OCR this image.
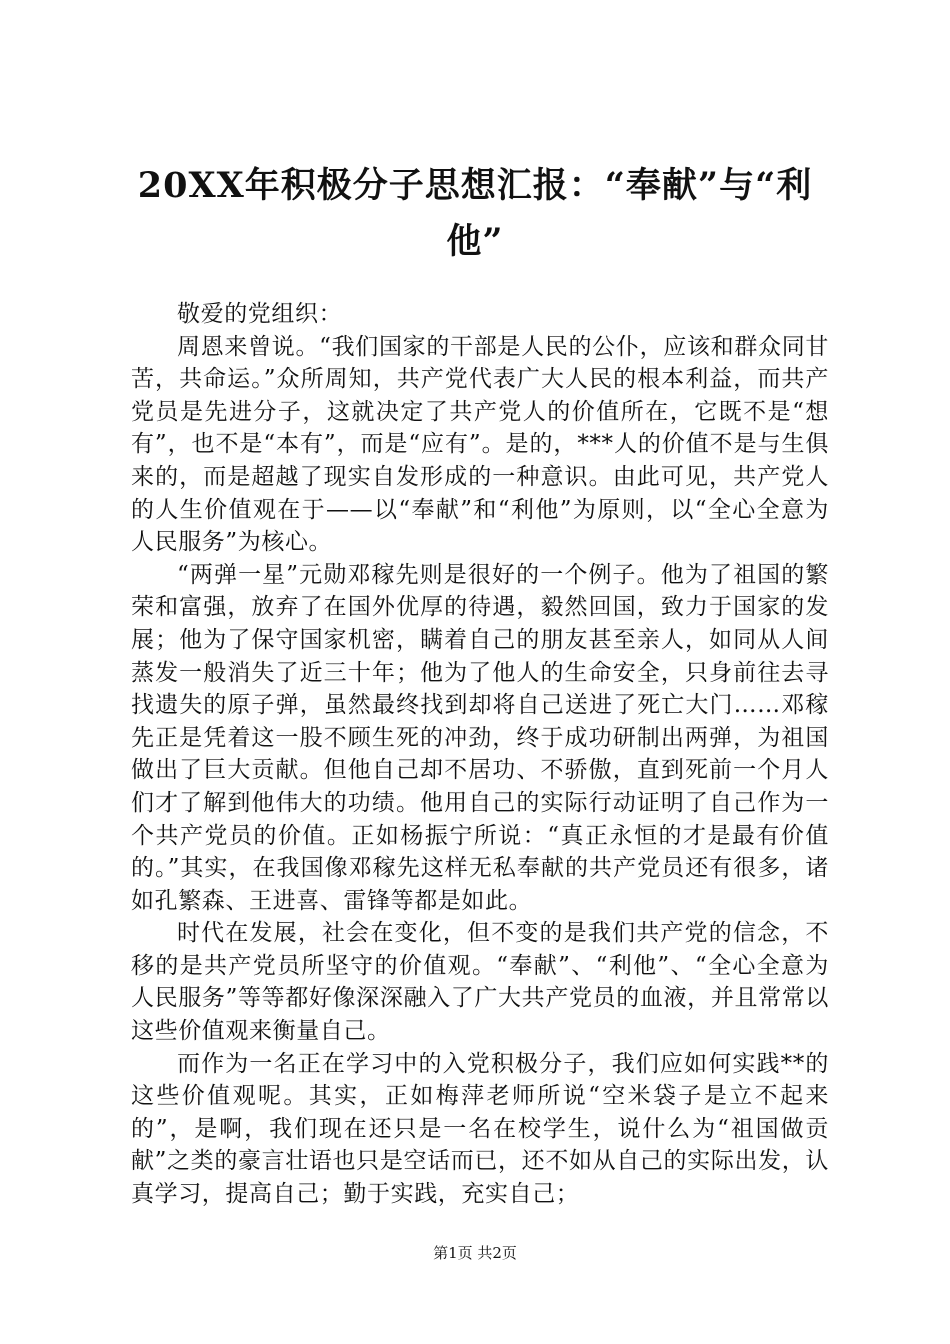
20XX年积极分子思想汇报：“奉献”与“利他”

敬爱的党组织：

周恩来曾说。“我们国家的干部是人民的公仆，应该和群众同甘苦，共命运。”众所周知，共产党代表广大人民的根本利益，而共产党员是先进分子，这就决定了共产党人的价值所在，它既不是“想有”，也不是“本有”，而是“应有”。是的，***人的价值不是与生俱来的，而是超越了现实自发形成的一种意识。由此可见，共产党人的人生价值观在于——以“奉献”和“利他”为原则，以“全心全意为人民服务”为核心。

“两弹一星”元勋邓稼先则是很好的一个例子。他为了祖国的繁荣和富强，放弃了在国外优厚的待遇，毅然回国，致力于国家的发展；他为了保守国家机密，瞒着自己的朋友甚至亲人，如同从人间蒸发一般消失了近三十年；他为了他人的生命安全，只身前往去寻找遗失的原子弹，虽然最终找到却将自己送进了死亡大门……邓稼先正是凭着这一股不顾生死的冲劲，终于成功研制出两弹，为祖国做出了巨大贡献。但他自己却不居功、不骄傲，直到死前一个月人们才了解到他伟大的功绩。他用自己的实际行动证明了自己作为一个共产党员的价值。正如杨振宁所说：“真正永恒的才是最有价值的。”其实，在我国像邓稼先这样无私奉献的共产党员还有很多，诸如孔繁森、王进喜、雷锋等都是如此。

时代在发展，社会在变化，但不变的是我们共产党的信念，不移的是共产党员所坚守的价值观。“奉献”、“利他”、“全心全意为人民服务”等等都好像深深融入了广大共产党员的血液，并且常常以这些价值观来衡量自己。

而作为一名正在学习中的入党积极分子，我们应如何实践**的这些价值观呢。其实，正如梅萍老师所说“空米袋子是立不起来的”，是啊，我们现在还只是一名在校学生，说什么为“祖国做贡献”之类的豪言壮语也只是空话而已，还不如从自己的实际出发，认真学习，提高自己；勤于实践，充实自己；

第1页 共2页
